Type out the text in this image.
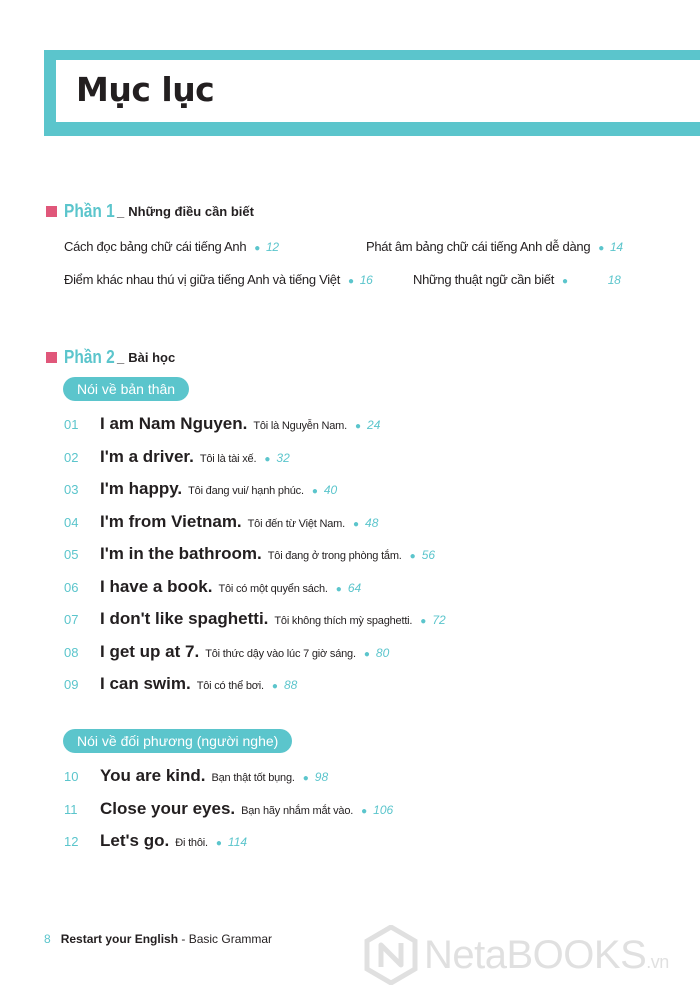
Mục lục
Phần 1 _ Những điều cần biết
Cách đọc bảng chữ cái tiếng Anh ● 12	Phát âm bảng chữ cái tiếng Anh dễ dàng ● 14
Điểm khác nhau thú vị giữa tiếng Anh và tiếng Việt ● 16	Những thuật ngữ cần biết ●	18
Phần 2 _ Bài học
Nói về bản thân
01	I am Nam Nguyen. Tôi là Nguyễn Nam. ● 24
02	I'm a driver. Tôi là tài xế. ● 32
03	I'm happy. Tôi đang vui/ hạnh phúc. ● 40
04	I'm from Vietnam. Tôi đến từ Việt Nam. ● 48
05	I'm in the bathroom. Tôi đang ở trong phòng tắm. ● 56
06	I have a book. Tôi có một quyển sách. ● 64
07	I don't like spaghetti. Tôi không thích mỳ spaghetti. ● 72
08	I get up at 7. Tôi thức dậy vào lúc 7 giờ sáng. ● 80
09	I can swim. Tôi có thể bơi. ● 88
Nói về đối phương (người nghe)
10	You are kind. Bạn thật tốt bụng. ● 98
11	Close your eyes. Bạn hãy nhắm mắt vào. ● 106
12	Let's go. Đi thôi. ● 114
8 Restart your English - Basic Grammar	NetaBOOKS.vn
